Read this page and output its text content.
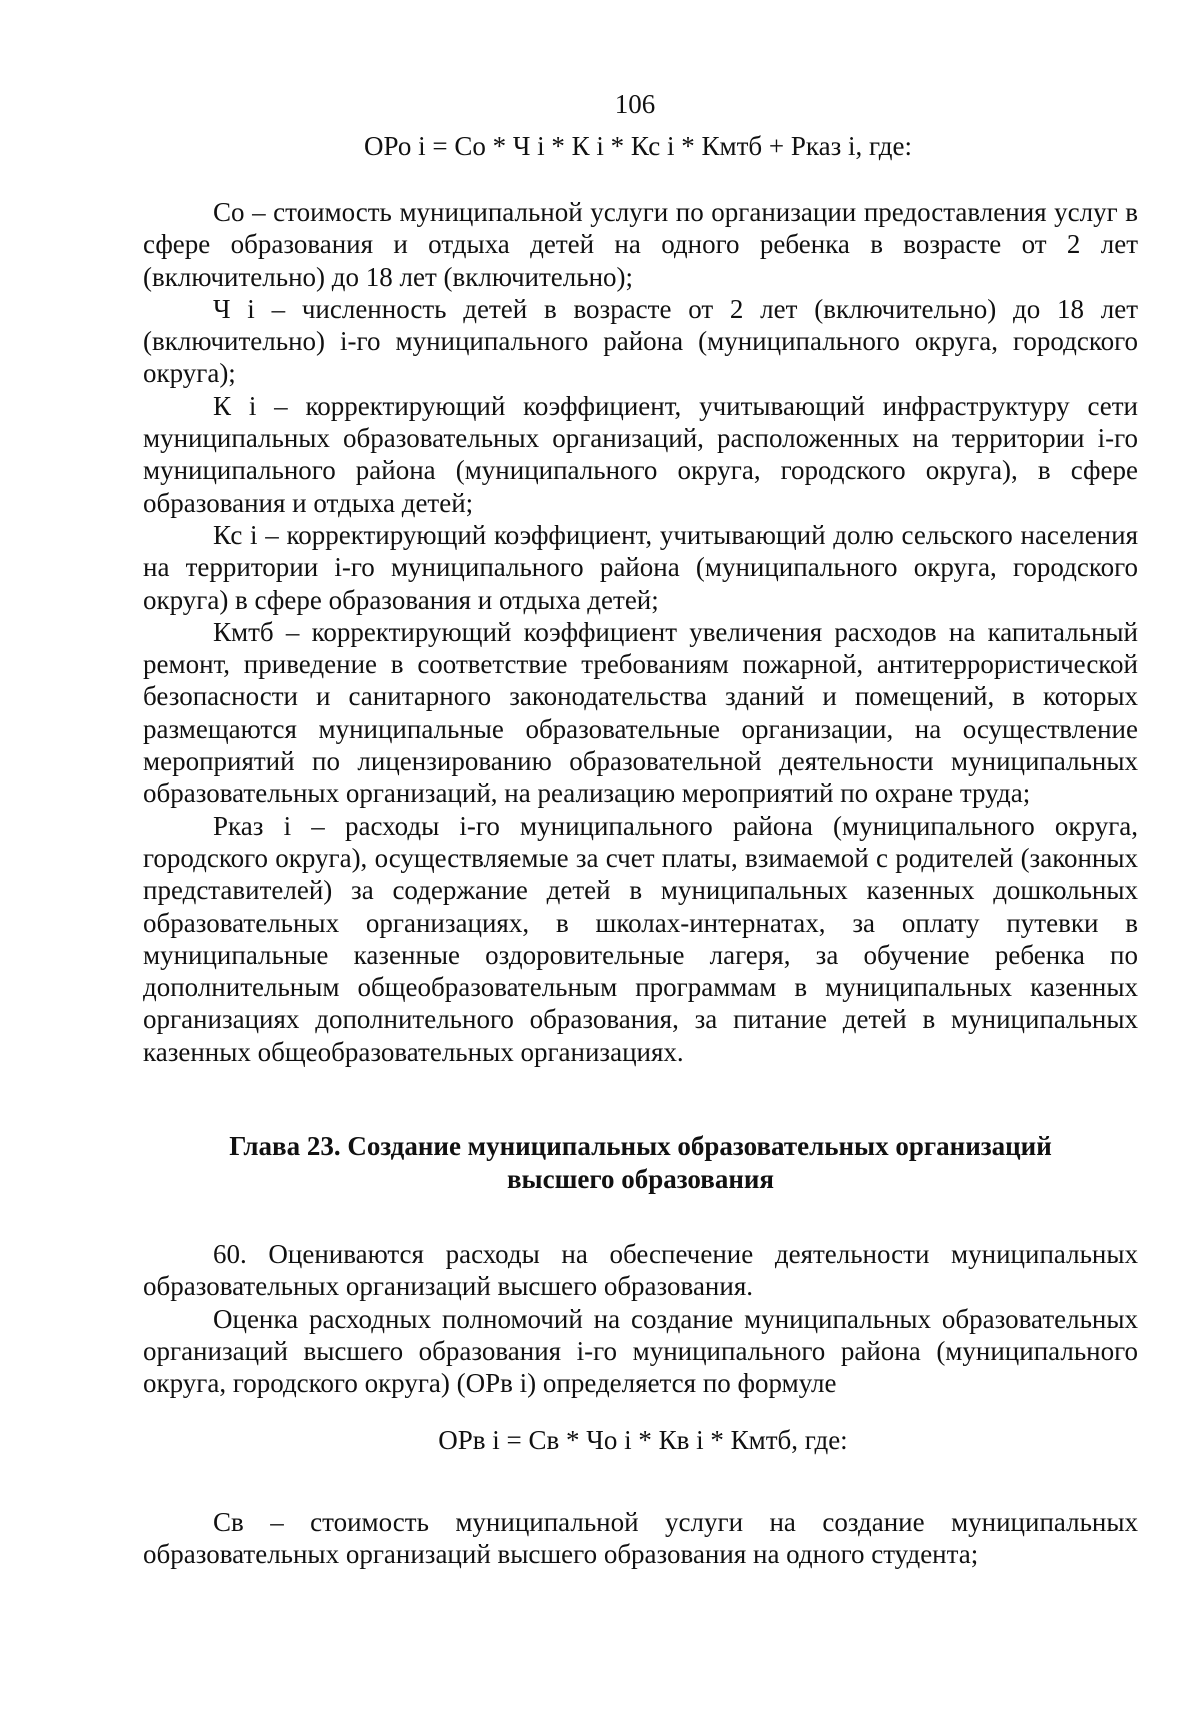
106
ОРо i = Со * Ч i * К i * Кс i * Кмтб + Рказ i, где:

Со – стоимость муниципальной услуги по организации предоставления услуг в сфере образования и отдыха детей на одного ребенка в возрасте от 2 лет (включительно) до 18 лет (включительно);

Ч i – численность детей в возрасте от 2 лет (включительно) до 18 лет (включительно) i-го муниципального района (муниципального округа, городского округа);

К i – корректирующий коэффициент, учитывающий инфраструктуру сети муниципальных образовательных организаций, расположенных на территории i-го муниципального района (муниципального округа, городского округа), в сфере образования и отдыха детей;

Кс i – корректирующий коэффициент, учитывающий долю сельского населения на территории i-го муниципального района (муниципального округа, городского округа) в сфере образования и отдыха детей;

Кмтб – корректирующий коэффициент увеличения расходов на капитальный ремонт, приведение в соответствие требованиям пожарной, антитеррористической безопасности и санитарного законодательства зданий и помещений, в которых размещаются муниципальные образовательные организации, на осуществление мероприятий по лицензированию образовательной деятельности муниципальных образовательных организаций, на реализацию мероприятий по охране труда;

Рказ i – расходы i-го муниципального района (муниципального округа, городского округа), осуществляемые за счет платы, взимаемой с родителей (законных представителей) за содержание детей в муниципальных казенных дошкольных образовательных организациях, в школах-интернатах, за оплату путевки в муниципальные казенные оздоровительные лагеря, за обучение ребенка по дополнительным общеобразовательным программам в муниципальных казенных организациях дополнительного образования, за питание детей в муниципальных казенных общеобразовательных организациях.

Глава 23. Создание муниципальных образовательных организаций
высшего образования

60. Оцениваются расходы на обеспечение деятельности муниципальных образовательных организаций высшего образования.

Оценка расходных полномочий на создание муниципальных образовательных организаций высшего образования i-го муниципального района (муниципального округа, городского округа) (ОРв i) определяется по формуле

ОРв i = Св * Чо i * Кв i * Кмтб, где:

Св – стоимость муниципальной услуги на создание муниципальных образовательных организаций высшего образования на одного студента;
